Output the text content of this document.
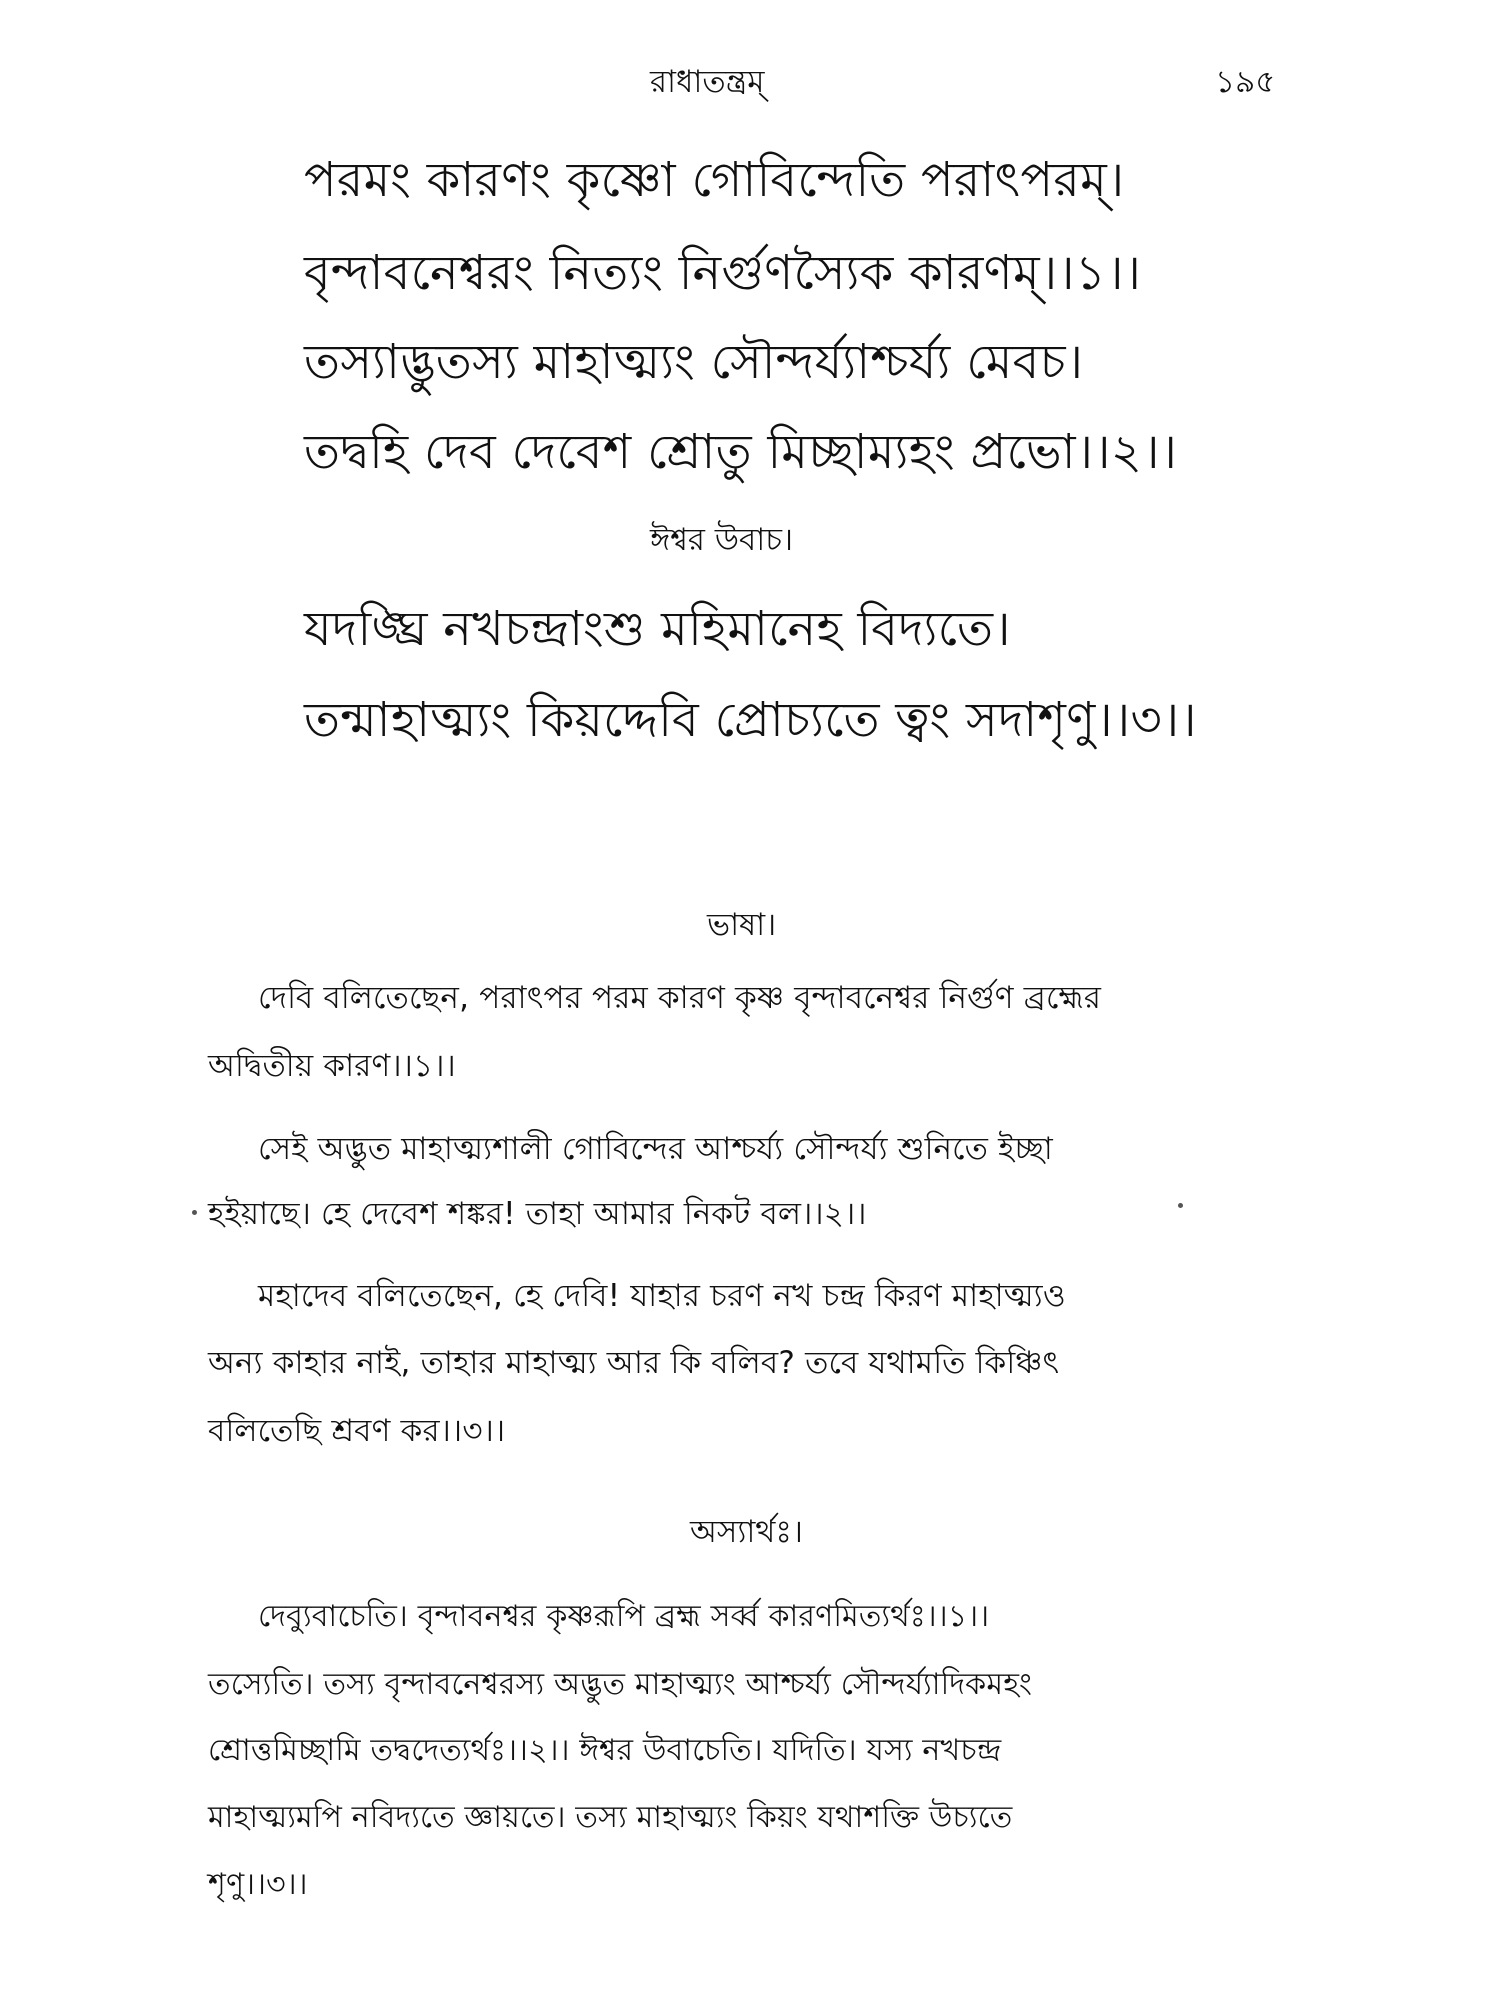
রাধাতন্ত্রম্	১৯৫
পরমং কারণং কৃষ্ণো গোবিন্দেতি পরাৎপরম্।
বৃন্দাবনেশ্বরং নিত্যং নির্গুণস্যৈক কারণম্।।১।।
তস্যাদ্ভুতস্য মাহাত্ম্যং সৌন্দর্য্যাশ্চর্য্য মেবচ।
তদ্বহি দেব দেবেশ শ্রোতু মিচ্ছাম্যহং প্রভো।।২।।
ঈশ্বর উবাচ।
যদঙ্ঘ্রি নখচন্দ্রাংশু মহিমানেহ বিদ্যতে।
তন্মাহাত্ম্যং কিয়দ্দেবি প্রোচ্যতে ত্বং সদাশৃণু।।৩।।
ভাষা।
দেবি বলিতেছেন, পরাৎপর পরম কারণ কৃষ্ণ বৃন্দাবনেশ্বর নির্গুণ ব্রহ্মের
অদ্বিতীয় কারণ।।১।।
সেই অদ্ভুত মাহাত্ম্যশালী গোবিন্দের আশ্চর্য্য সৌন্দর্য্য শুনিতে ইচ্ছা
হইয়াছে। হে দেবেশ শঙ্কর! তাহা আমার নিকট বল।।২।।
মহাদেব বলিতেছেন, হে দেবি! যাহার চরণ নখ চন্দ্র কিরণ মাহাত্ম্যও
অন্য কাহার নাই, তাহার মাহাত্ম্য আর কি বলিব? তবে যথামতি কিঞ্চিৎ
বলিতেছি শ্রবণ কর।।৩।।
অস্যার্থঃ।
দেব্যুবাচেতি। বৃন্দাবনশ্বর কৃষ্ণরূপি ব্রহ্ম সর্ব্ব কারণমিত্যর্থঃ।।১।।
তস্যেতি। তস্য বৃন্দাবনেশ্বরস্য অদ্ভুত মাহাত্ম্যং আশ্চর্য্য সৌন্দর্য্যাদিকমহং
শ্রোত্তমিচ্ছামি তদ্বদেত্যর্থঃ।।২।। ঈশ্বর উবাচেতি। যদিতি। যস্য নখচন্দ্র
মাহাত্ম্যমপি নবিদ্যতে জ্ঞায়তে। তস্য মাহাত্ম্যং কিয়ং যথাশক্তি উচ্যতে
শৃণু।।৩।।
